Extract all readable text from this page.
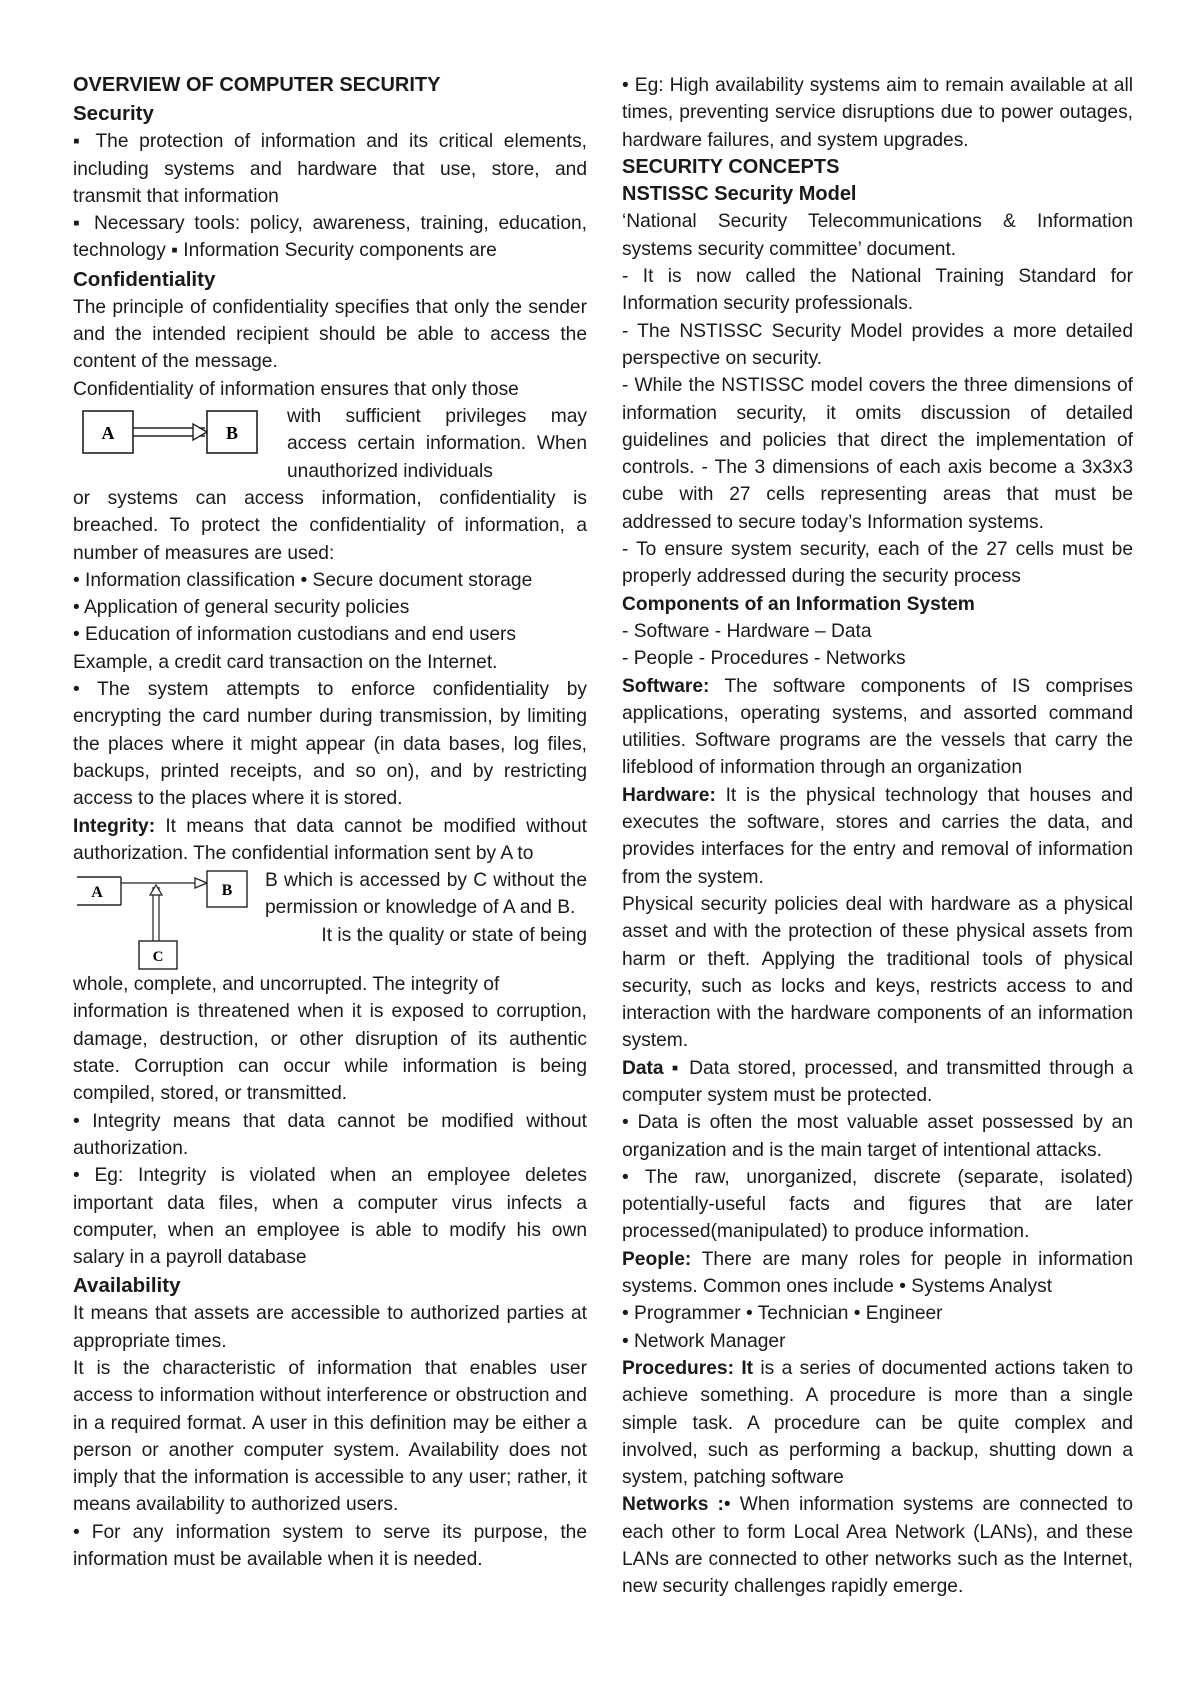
OVERVIEW OF COMPUTER SECURITY

Security

▪ The protection of information and its critical elements, including systems and hardware that use, store, and transmit that information

▪ Necessary tools: policy, awareness, training, education, technology ▪ Information Security components are

Confidentiality

The principle of confidentiality specifies that only the sender and the intended recipient should be able to access the content of the message.

Confidentiality of information ensures that only those

A	B

with sufficient privileges may access certain information. When unauthorized individuals

or systems can access information, confidentiality is breached. To protect the confidentiality of information, a number of measures are used:

• Information classification • Secure document storage

• Application of general security policies

• Education of information custodians and end users

Example, a credit card transaction on the Internet.

• The system attempts to enforce confidentiality by encrypting the card number during transmission, by limiting the places where it might appear (in data bases, log files, backups, printed receipts, and so on), and by restricting access to the places where it is stored.

Integrity: It means that data cannot be modified without authorization. The confidential information sent by A to

A	B
C

B which is accessed by C without the permission or knowledge of A and B.

It is the quality or state of being

whole, complete, and uncorrupted. The integrity of

information is threatened when it is exposed to corruption, damage, destruction, or other disruption of its authentic state. Corruption can occur while information is being compiled, stored, or transmitted.

• Integrity means that data cannot be modified without authorization.

• Eg: Integrity is violated when an employee deletes important data files, when a computer virus infects a computer, when an employee is able to modify his own salary in a payroll database

Availability

It means that assets are accessible to authorized parties at appropriate times.

It is the characteristic of information that enables user access to information without interference or obstruction and in a required format. A user in this definition may be either a person or another computer system. Availability does not imply that the information is accessible to any user; rather, it means availability to authorized users.

• For any information system to serve its purpose, the information must be available when it is needed.

• Eg: High availability systems aim to remain available at all times, preventing service disruptions due to power outages, hardware failures, and system upgrades.

SECURITY CONCEPTS

NSTISSC Security Model

‘National Security Telecommunications & Information systems security committee’ document.

- It is now called the National Training Standard for Information security professionals.

- The NSTISSC Security Model provides a more detailed perspective on security.

- While the NSTISSC model covers the three dimensions of information security, it omits discussion of detailed guidelines and policies that direct the implementation of controls. - The 3 dimensions of each axis become a 3x3x3 cube with 27 cells representing areas that must be addressed to secure today’s Information systems.

- To ensure system security, each of the 27 cells must be properly addressed during the security process

Components of an Information System

- Software - Hardware – Data

- People - Procedures - Networks

Software: The software components of IS comprises applications, operating systems, and assorted command utilities. Software programs are the vessels that carry the lifeblood of information through an organization

Hardware: It is the physical technology that houses and executes the software, stores and carries the data, and provides interfaces for the entry and removal of information from the system.

Physical security policies deal with hardware as a physical asset and with the protection of these physical assets from harm or theft. Applying the traditional tools of physical security, such as locks and keys, restricts access to and interaction with the hardware components of an information system.

Data ▪ Data stored, processed, and transmitted through a computer system must be protected.

• Data is often the most valuable asset possessed by an organization and is the main target of intentional attacks.

• The raw, unorganized, discrete (separate, isolated) potentially-useful facts and figures that are later processed(manipulated) to produce information.

People: There are many roles for people in information systems. Common ones include • Systems Analyst

• Programmer • Technician • Engineer

• Network Manager

Procedures: It is a series of documented actions taken to achieve something. A procedure is more than a single simple task. A procedure can be quite complex and involved, such as performing a backup, shutting down a system, patching software

Networks :• When information systems are connected to each other to form Local Area Network (LANs), and these LANs are connected to other networks such as the Internet, new security challenges rapidly emerge.
